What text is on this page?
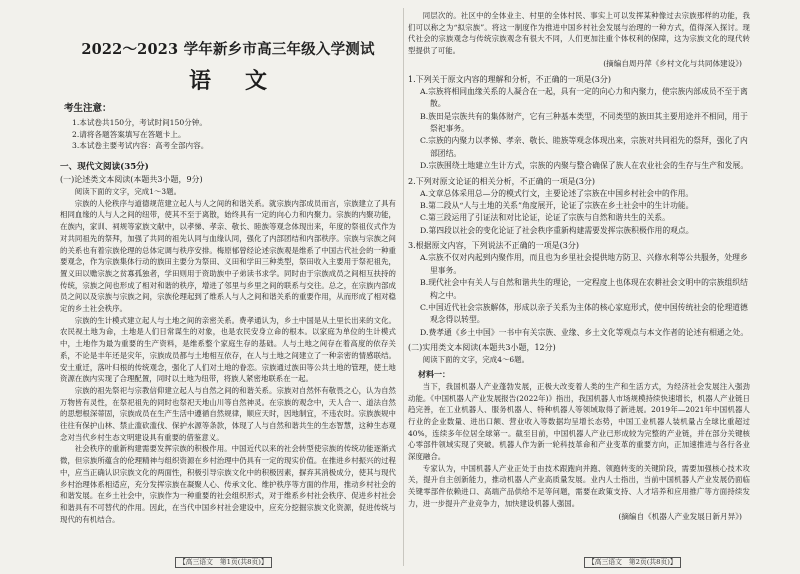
2022～2023 学年新乡市高三年级入学测试
语文
考生注意：
1.本试卷共150分，考试时间150分钟。
2.请将各题答案填写在答题卡上。
3.本试卷主要考试内容：高考全部内容。
一、现代文阅读(35分)
(一)论述类文本阅读(本题共3小题，9分)

阅读下面的文字，完成1～3题。

宗族的人伦秩序与道德规范建立起人与人之间的和谐关系。就宗族内部成员而言，宗族建立了具有相同血缘的人与人之间的纽带，使其不至于离散，始终具有一定的向心力和内聚力。宗族的内聚功能，在族内，家训、祠规等家族文献中，以孝悌、孝亲、敬长、睦族等观念体现出来，年度的祭祖仪式作为对共同祖先的祭拜，加强了共同的祖先认同与血缘认同，强化了内部团结和内部秩序。宗族与宗族之间的关系也有着宗族伦理的总体定调与秩序安排。梅原郁曾经论述宗族观是维系了中国古代社会的一种重要观念，作为宗族集体行动的族田主要分为祭田、义田和学田三种类型，祭田收入主要用于祭祀祖先，置义田以赡宗族之贫寡孤独者，学田则用于资助族中子弟读书求学。同时由于宗族成员之间相互扶持的传统，宗族之间也形成了相对和谐的秩序，增进了邻里与乡里之间的联系与交往。总之，在宗族内部成员之间以及宗族与宗族之间，宗族伦理起到了维系人与人之间和谐关系的重要作用，从而形成了相对稳定的乡土社会秩序。

宗族的生计模式建立起人与土地之间的亲密关系。费孝通认为，乡土中国是从土里长出来的文化。农民视土地为命，土地是人们日常谋生的对象，也是农民安身立命的根本。以家庭为单位的生计模式中，土地作为最为重要的生产资料，是维系整个家庭生存的基础。人与土地之间存在着高度的依存关系，不论是丰年还是灾年，宗族成员都与土地相互依存，在人与土地之间建立了一种亲密的情感联结。安土重迁，落叶归根的传统观念，强化了人们对土地的眷恋。宗族通过族田等公共土地的管理，使土地资源在族内实现了合理配置，同时以土地为纽带，将族人紧密地联系在一起。

宗族的祖先祭祀与宗教信仰建立起人与自然之间的和谐关系。宗族对自然怀有敬畏之心，认为自然万物皆有灵性，在祭祀祖先的同时也祭祀天地山川等自然神灵。在宗族的观念中，天人合一、道法自然的思想根深蒂固，宗族成员在生产生活中遵循自然规律，顺应天时，因地制宜，不违农时。宗族族规中往往有保护山林、禁止滥砍滥伐、保护水源等条款，体现了人与自然和谐共生的生态智慧，这种生态观念对当代乡村生态文明建设具有重要的借鉴意义。

社会秩序的重新构建需要发挥宗族的积极作用。中国近代以来的社会转型使宗族的传统功能逐渐式微，但宗族所蕴含的伦理精神与组织资源在乡村治理中仍具有一定的现实价值。在推进乡村振兴的过程中，应当正确认识宗族文化的两面性，积极引导宗族文化中的积极因素，摒弃其消极成分，使其与现代乡村治理体系相适应，充分发挥宗族在凝聚人心、传承文化、维护秩序等方面的作用，推动乡村社会的和谐发展。在乡土社会中，宗族作为一种重要的社会组织形式，对于维系乡村社会秩序、促进乡村社会和谐具有不可替代的作用。因此，在当代中国乡村社会建设中，应充分挖掘宗族文化资源，促进传统与现代的有机结合。

同层次的。社区中的全体业主、村里的全体村民、事实上可以发挥某种像过去宗族那样的功能，我们可以称之为“拟宗族”。将这一制度作为推进中国乡村社会发展与治理的一种方式，值得深入探讨。现代社会的宗族观念与传统宗族观念有很大不同，人们更加注重个体权利的保障，这为宗族文化的现代转型提供了可能。

(摘编自周丹萍《乡村文化与共同体建设》)
1.下列关于原文内容的理解和分析，不正确的一项是(3分)
A.宗族将相同血缘关系的人凝合在一起，具有一定的向心力和内聚力，使宗族内部成员不至于离散。
B.族田是宗族共有的集体财产，它有三种基本类型，不同类型的族田其主要用途并不相同，用于祭祀事务。
C.宗族的内聚力以孝悌、孝亲、敬长、睦族等观念体现出来，宗族对共同祖先的祭拜，强化了内部团结。
D.宗族围绕土地建立生计方式，宗族的内聚与整合确保了族人在农业社会的生存与生产和发展。
2.下列对原文论证的相关分析，不正确的一项是(3分)
A.文章总体采用总—分的模式行文，主要论述了宗族在中国乡村社会中的作用。
B.第二段从“人与土地的关系”角度展开，论证了宗族在乡土社会中的生计功能。
C.第三段运用了引证法和对比论证，论证了宗族与自然和谐共生的关系。
D.第四段以社会的变化论证了社会秩序重新构建需要发挥宗族积极作用的观点。
3.根据原文内容，下列说法不正确的一项是(3分)
A.宗族不仅对内起到内聚作用，而且也为乡里社会提供地方防卫、兴修水利等公共服务，处理乡里事务。
B.现代社会中有关人与自然和谐共生的理论，一定程度上也体现在农耕社会文明中的宗族组织结构之中。
C.中国近代社会宗族解体，形成以亲子关系为主体的核心家庭形式，使中国传统社会的伦理道德观念得以转型。
D.费孝通《乡土中国》一书中有关宗族、业缘、乡土文化等观点与本文作者的论述有相通之处。
(二)实用类文本阅读(本题共3小题，12分)

阅读下面的文字，完成4～6题。

材料一：

当下，我国机器人产业蓬勃发展，正极大改变着人类的生产和生活方式，为经济社会发展注入强劲动能。《中国机器人产业发展报告(2022年)》指出，我国机器人市场规模持续快速增长，机器人产业链日趋完善，在工业机器人、服务机器人、特种机器人等领域取得了新进展。2019年—2021年中国机器人行业的企业数量、进出口额、营业收入等数据均呈增长态势，中国工业机器人装机量占全球比重超过40%，连续多年位居全球第一。截至目前，中国机器人产业已形成较为完整的产业链，并在部分关键核心零部件领域实现了突破。机器人作为新一轮科技革命和产业变革的重要方向，正加速推进与各行各业深度融合。

专家认为，中国机器人产业正处于由技术跟跑向并跑、领跑转变的关键阶段，需要加强核心技术攻关，提升自主创新能力，推动机器人产业高质量发展。业内人士指出，当前中国机器人产业发展仍面临关键零部件依赖进口、高端产品供给不足等问题，需要在政策支持、人才培养和应用推广等方面持续发力，进一步提升产业竞争力，加快建设机器人强国。

(摘编自《机器人产业发展日新月异》)
【高三语文　第1页(共8页)】	【高三语文　第2页(共8页)】
